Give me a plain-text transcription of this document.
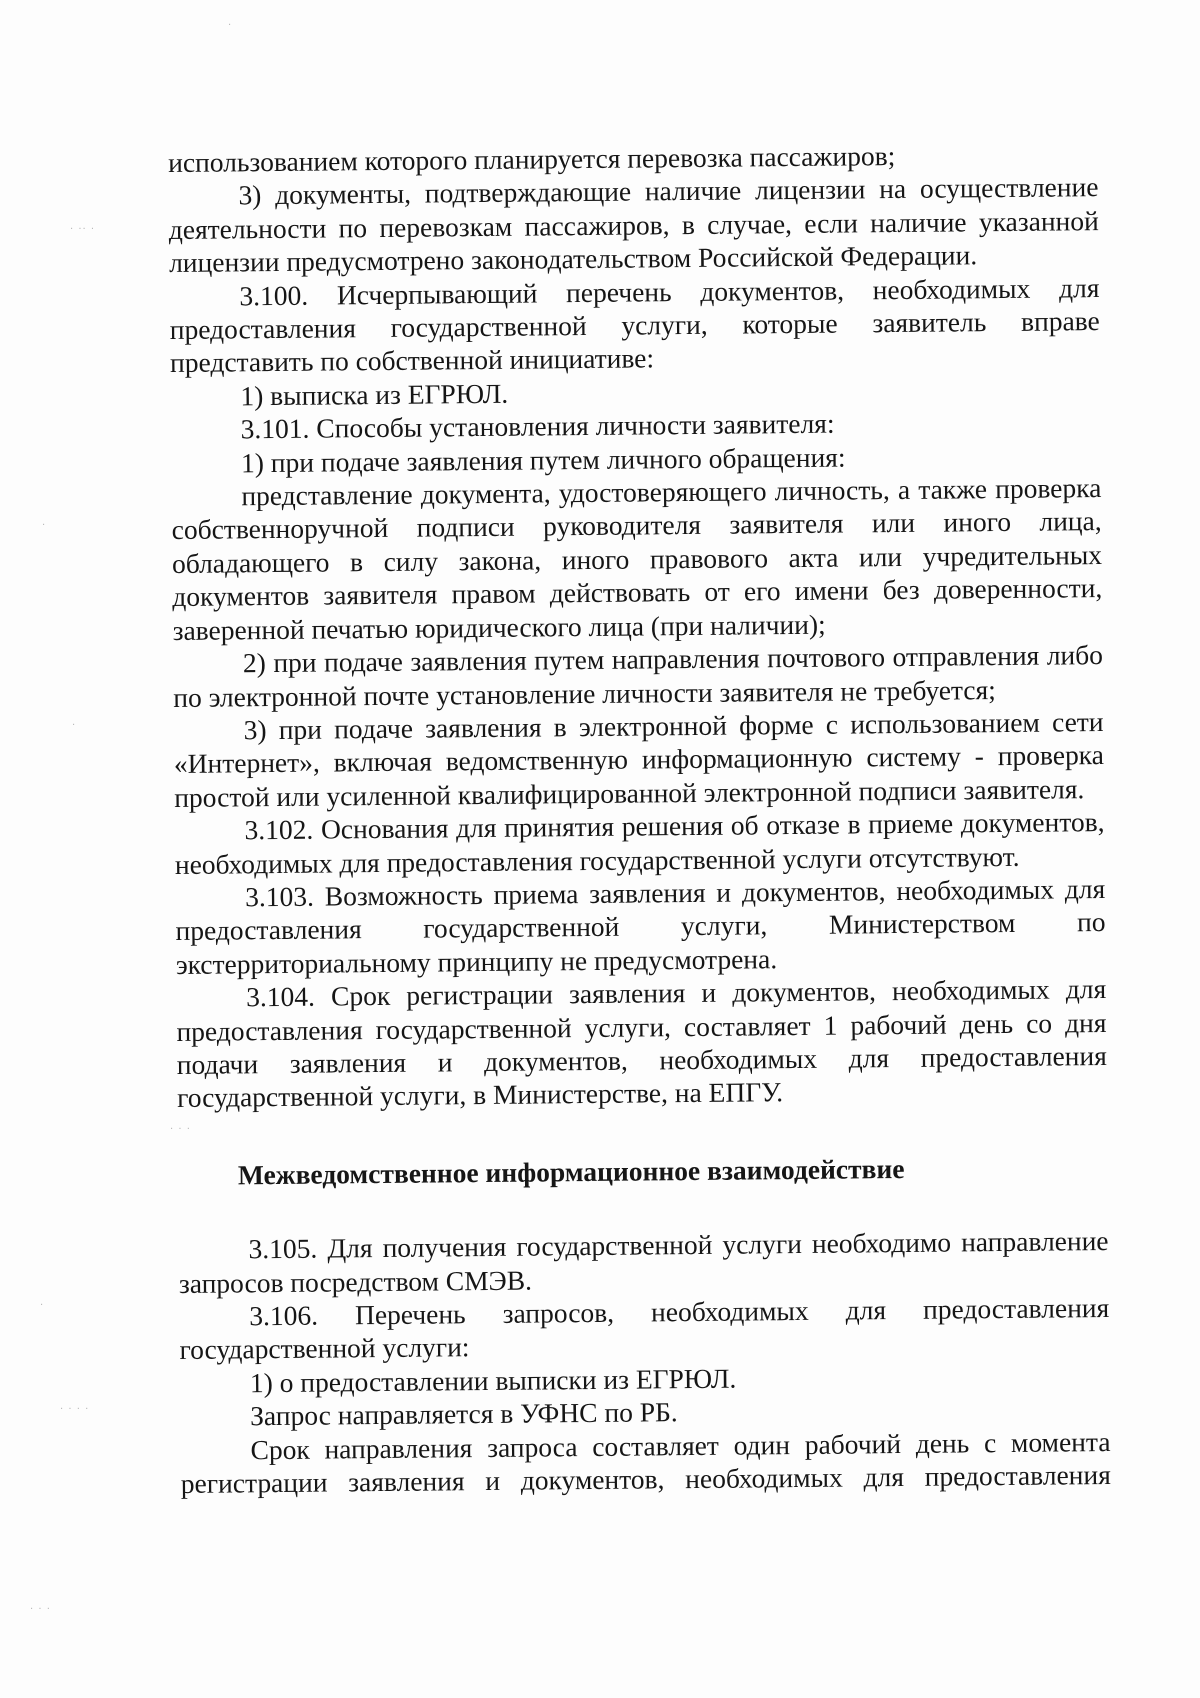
·
· ·· ·
·
·
· · ·
·
· · · ·
· · ·

использованием которого планируется перевозка пассажиров;

3) документы, подтверждающие наличие лицензии на осуществление деятельности по перевозкам пассажиров, в случае, если наличие указанной лицензии предусмотрено законодательством Российской Федерации.

3.100. Исчерпывающий перечень документов, необходимых для предоставления государственной услуги, которые заявитель вправе представить по собственной инициативе:

1) выписка из ЕГРЮЛ.

3.101. Способы установления личности заявителя:

1) при подаче заявления путем личного обращения:

представление документа, удостоверяющего личность, а также проверка собственноручной подписи руководителя заявителя или иного лица, обладающего в силу закона, иного правового акта или учредительных документов заявителя правом действовать от его имени без доверенности, заверенной печатью юридического лица (при наличии);

2) при подаче заявления путем направления почтового отправления либо по электронной почте установление личности заявителя не требуется;

3) при подаче заявления в электронной форме с использованием сети «Интернет», включая ведомственную информационную систему - проверка простой или усиленной квалифицированной электронной подписи заявителя.

3.102. Основания для принятия решения об отказе в приеме документов, необходимых для предоставления государственной услуги отсутствуют.

3.103. Возможность приема заявления и документов, необходимых для предоставления государственной услуги, Министерством по экстерриториальному принципу не предусмотрена.

3.104. Срок регистрации заявления и документов, необходимых для предоставления государственной услуги, составляет 1 рабочий день со дня подачи заявления и документов, необходимых для предоставления государственной услуги, в Министерстве, на ЕПГУ.

Межведомственное информационное взаимодействие

3.105. Для получения государственной услуги необходимо направление запросов посредством СМЭВ.

3.106. Перечень запросов, необходимых для предоставления государственной услуги:

1) о предоставлении выписки из ЕГРЮЛ.

Запрос направляется в УФНС по РБ.

Срок направления запроса составляет один рабочий день с момента регистрации заявления и документов, необходимых для предоставления
